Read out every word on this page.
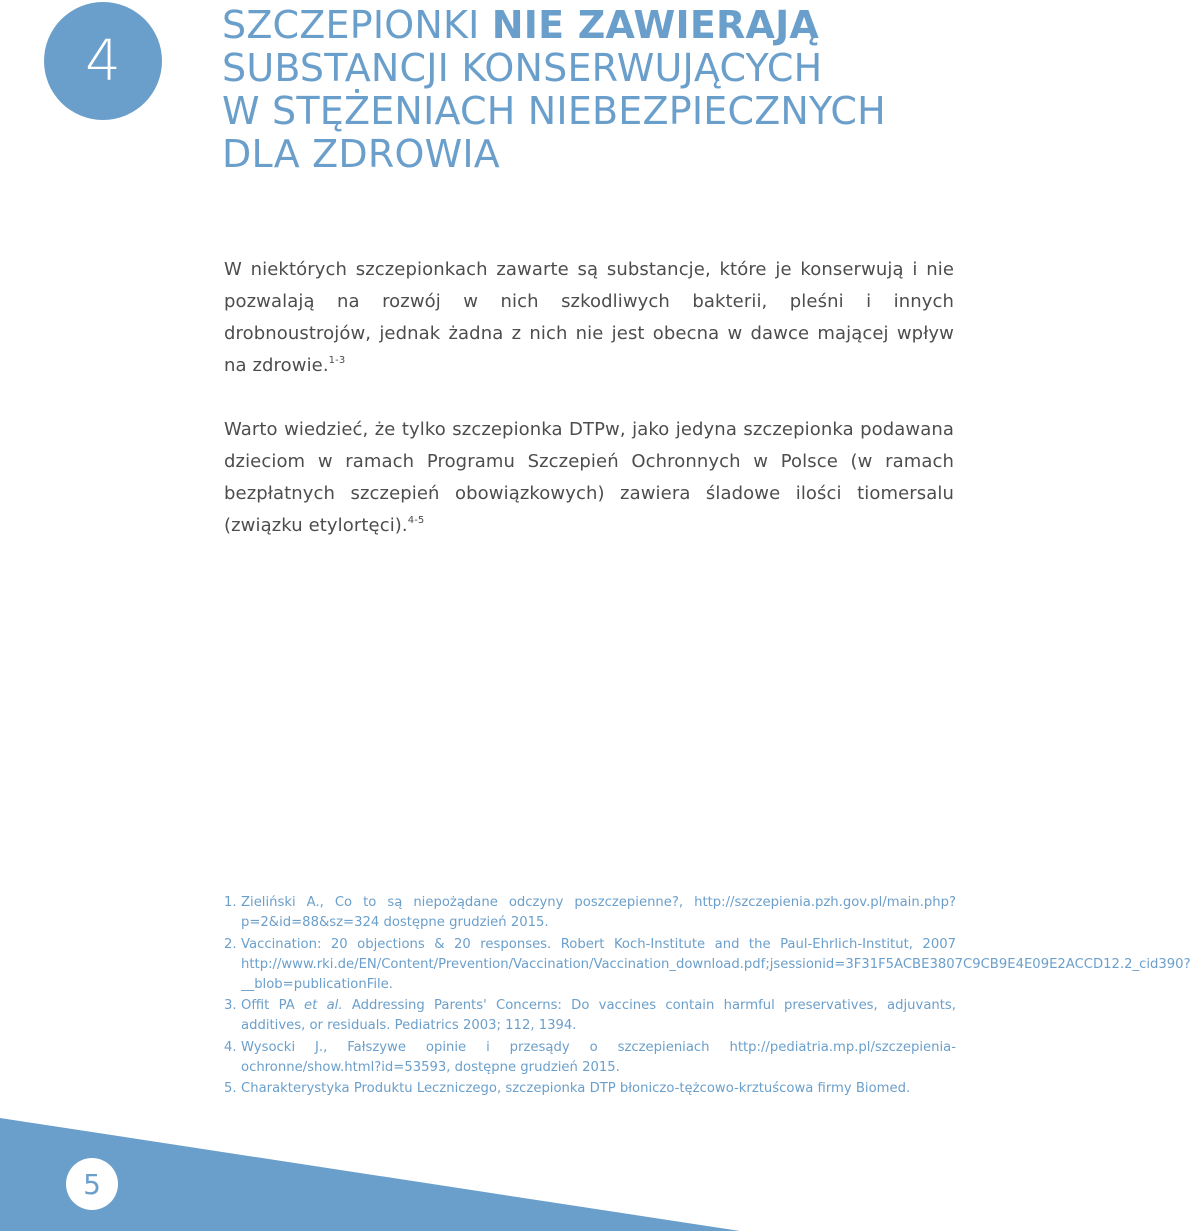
4
SZCZEPIONKI NIE ZAWIERAJĄ
SUBSTANCJI KONSERWUJĄCYCH
W STĘŻENIACH NIEBEZPIECZNYCH
DLA ZDROWIA

W niektórych szczepionkach zawarte są substancje, które je konserwują i nie pozwalają na rozwój w nich szkodliwych bakterii, pleśni i innych drobnoustrojów, jednak żadna z nich nie jest obecna w dawce mającej wpływ na zdrowie.$^{1-3}$

Warto wiedzieć, że tylko szczepionka DTPw, jako jedyna szczepionka podawana dzieciom w ramach Programu Szczepień Ochronnych w Polsce (w ramach bezpłatnych szczepień obowiązkowych) zawiera śladowe ilości tiomersalu (związku etylortęci).$^{4-5}$

1. Zieliński A., Co to są niepożądane odczyny poszczepienne?, http://szczepienia.pzh.gov.pl/main.php?p=2&id=88&sz=324 dostępne grudzień 2015.
2. Vaccination: 20 objections & 20 responses. Robert Koch-Institute and the Paul-Ehrlich-Institut, 2007 http://www.rki.de/EN/Content/Prevention/Vaccination/Vaccination_download.pdf;jsessionid=3F31F5ACBE3807C9CB9E4E09E2ACCD12.2_cid390?__blob=publicationFile.
3. Offit PA et al. Addressing Parents' Concerns: Do vaccines contain harmful preservatives, adjuvants, additives, or residuals. Pediatrics 2003; 112, 1394.
4. Wysocki J., Fałszywe opinie i przesądy o szczepieniach http://pediatria.mp.pl/szczepieniaochronne/show.html?id=53593, dostępne grudzień 2015.
5. Charakterystyka Produktu Leczniczego, szczepionka DTP błoniczo-tężcowo-krztuścowa firmy Biomed.
5
